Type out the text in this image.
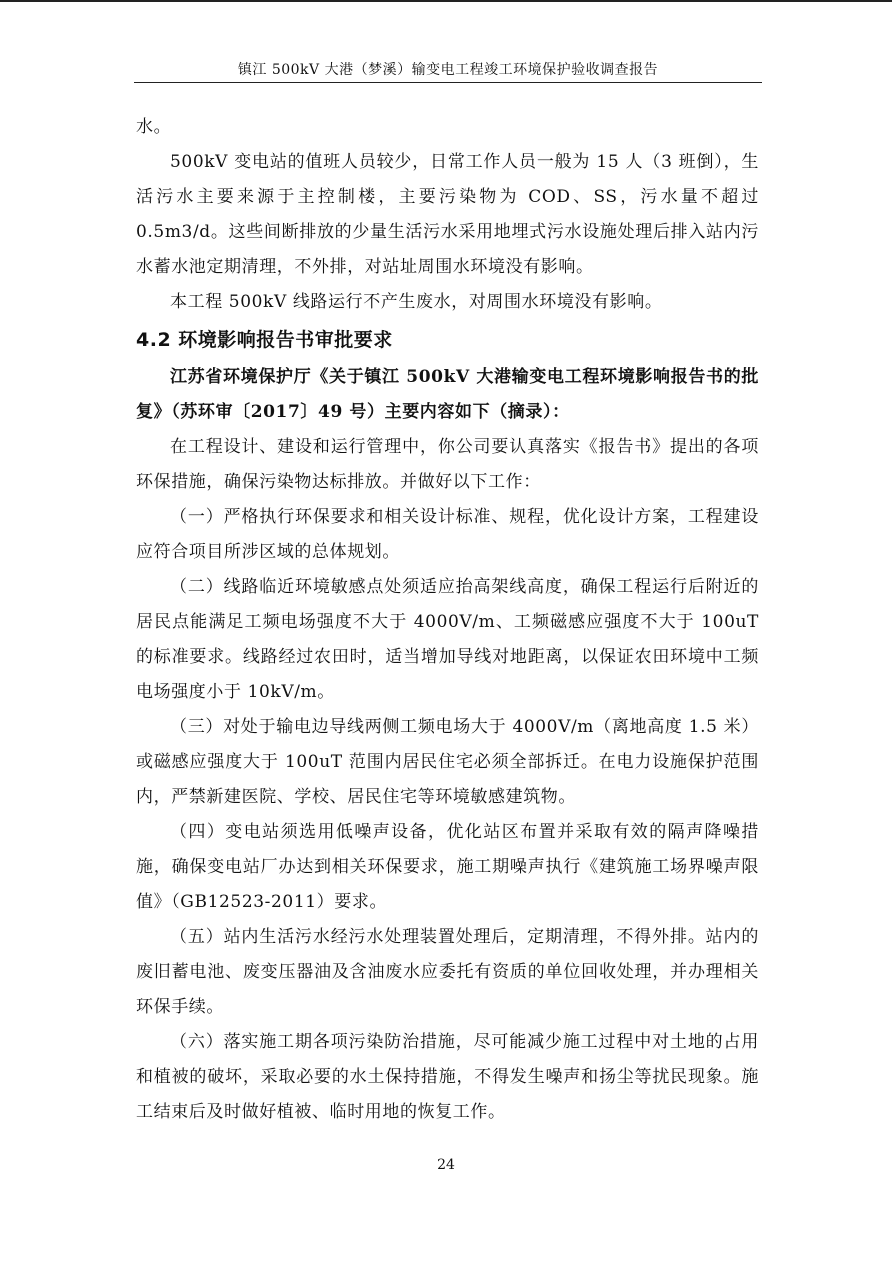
镇江 500kV 大港（梦溪）输变电工程竣工环境保护验收调查报告

水。

500kV 变电站的值班人员较少，日常工作人员一般为 15 人（3 班倒），生活污水主要来源于主控制楼，主要污染物为 COD、SS，污水量不超过 0.5m3/d。这些间断排放的少量生活污水采用地埋式污水设施处理后排入站内污水蓄水池定期清理，不外排，对站址周围水环境没有影响。

本工程 500kV 线路运行不产生废水，对周围水环境没有影响。

4.2 环境影响报告书审批要求

江苏省环境保护厅《关于镇江 500kV 大港输变电工程环境影响报告书的批复》（苏环审〔2017〕49 号）主要内容如下（摘录）：

在工程设计、建设和运行管理中，你公司要认真落实《报告书》提出的各项环保措施，确保污染物达标排放。并做好以下工作：

（一）严格执行环保要求和相关设计标准、规程，优化设计方案，工程建设应符合项目所涉区域的总体规划。

（二）线路临近环境敏感点处须适应抬高架线高度，确保工程运行后附近的居民点能满足工频电场强度不大于 4000V/m、工频磁感应强度不大于 100uT 的标准要求。线路经过农田时，适当增加导线对地距离，以保证农田环境中工频电场强度小于 10kV/m。

（三）对处于输电边导线两侧工频电场大于 4000V/m（离地高度 1.5 米）或磁感应强度大于 100uT 范围内居民住宅必须全部拆迁。在电力设施保护范围内，严禁新建医院、学校、居民住宅等环境敏感建筑物。

（四）变电站须选用低噪声设备，优化站区布置并采取有效的隔声降噪措施，确保变电站厂办达到相关环保要求，施工期噪声执行《建筑施工场界噪声限值》（GB12523-2011）要求。

（五）站内生活污水经污水处理装置处理后，定期清理，不得外排。站内的废旧蓄电池、废变压器油及含油废水应委托有资质的单位回收处理，并办理相关环保手续。

（六）落实施工期各项污染防治措施，尽可能减少施工过程中对土地的占用和植被的破坏，采取必要的水土保持措施，不得发生噪声和扬尘等扰民现象。施工结束后及时做好植被、临时用地的恢复工作。

24
